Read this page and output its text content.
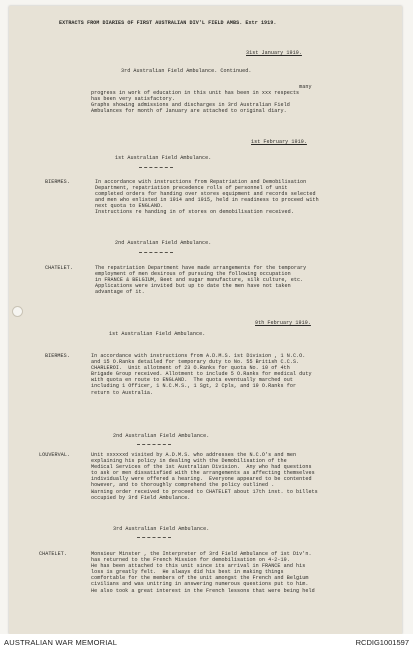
EXTRACTS FROM DIARIES OF FIRST AUSTRALIAN DIV'L FIELD AMBS. Extr 1919.
31st January 1919.
3rd Australian Field Ambulance. Continued.
many
progress in work of education in this unit has been in xxx respects
has been very satisfactory.
Graphs showing admissions and discharges in 3rd Australian Field
Ambulances for month of January are attached to original diary.
1st February 1919.
1st Australian Field Ambulance.
BIERMES.	In accordance with instructions from Repatriation and Demobilisation
Department, repatriation precedence rolls of personnel of unit
completed orders for handing over stores equipment and records selected
and men who enlisted in 1914 and 1915, held in readiness to proceed with
next quota to ENGLAND.
Instructions re handing in of stores on demobilisation received.
2nd Australian Field Ambulance.
CHATELET.	The repatriation Department have made arrangements for the temporary
employment of men desirous of pursuing the following occupation
in FRANCE & BELGIUM, Beet and sugar manufacture, silk culture, etc.
Applications were invited but up to date the men have not taken
advantage of it.
9th February 1919.
1st Australian Field Ambulance.
BIERMES.	In accordance with instructions from A.D.M.S. 1st Division , 1 N.C.O.
and 15 O.Ranks detailed for temporary duty to No. 55 British C.C.S.
CHARLEROI.  Unit allotment of 23 O.Ranks for quota No. 10 of 4th
Brigade Group received. Allotment to include 5 O.Ranks for medical duty
with quota en route to ENGLAND.  The quota eventually marched out
including 1 Officer, 1 N.C.M.S., 1 Sgt, 2 Cpls, and 19 O.Ranks for
return to Australia.
2nd Australian Field Ambulance.
LOUVERVAL.	Unit xxxxxxd visited by A.D.M.S. who addresses the N.C.O's and men
explaining his policy in dealing with the Demobilisation of the
Medical Services of the 1st Australian Division.  Any who had questions
to ask or men dissatisfied with the arrangements as affecting themselves
individually were offered a hearing.  Everyone appeared to be contented
however, and to thoroughly comprehend the policy outlined .
Warning order received to proceed to CHATELET about 17th inst. to billets
occupied by 3rd Field Ambulance.
3rd Australian Field Ambulance.
CHATELET.	Monsieur Minster , the Interpreter of 3rd Field Ambulance of 1st Div'n.
has returned to the French Mission for demobilisation on 4-2-19.
He has been attached to this unit since its arrival in FRANCE and his
loss is greatly felt.  He always did his best in making things
comfortable for the members of the unit amongst the French and Belgium
civilians and was unitring in answering numerous questions put to him.
He also took a great interest in the French lessons that were being held
AUSTRALIAN WAR MEMORIAL	RCDIG1001597
